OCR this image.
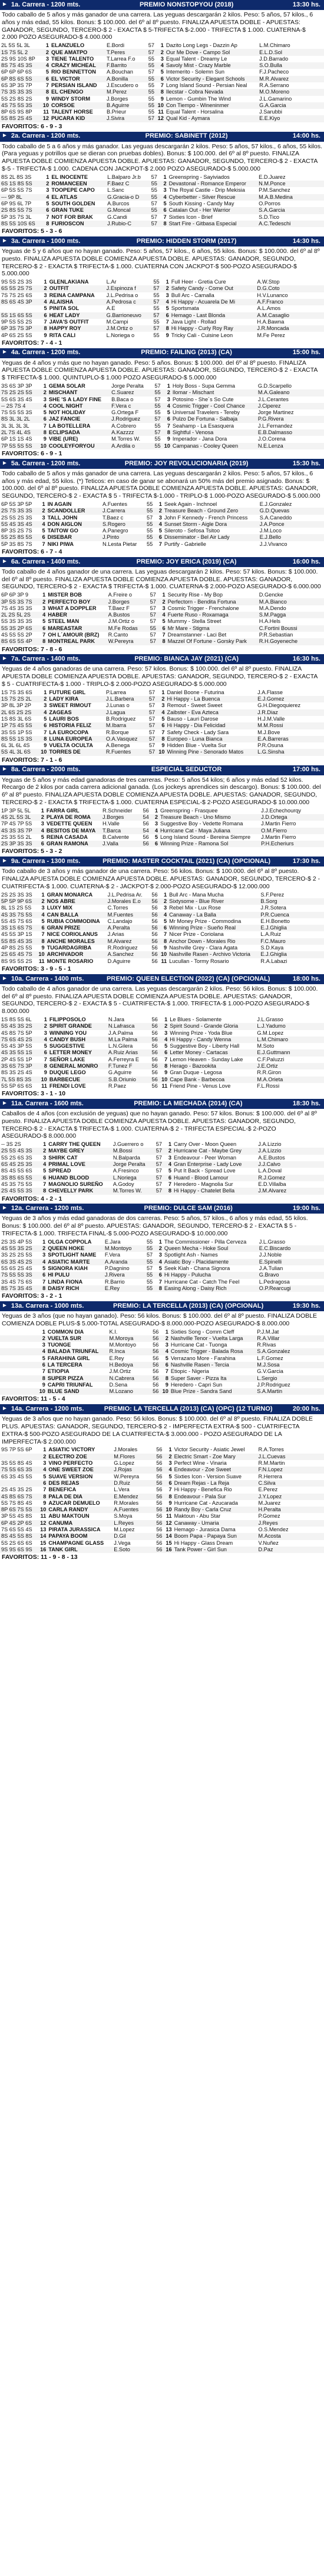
► 1a. Carrera - 1200 mts.	PREMIO NONSTOPYOU (2018)	13:30 hs.
Todo caballo de 5 años y más ganador de una carrera. Las yeguas descargarán 2 kilos. Peso: 5 años, 57 kilos., 6 años y más edad, 55 kilos. Bonus: $ 100.000. del 6º al 8º puesto. FINALIZA APUESTA DOBLE - APUESTAS: GANADOR, SEGUNDO, TERCERO-$ 2 - EXACTA $ 5-TRIFECTA $-2.000 - TRIFECTA $ 1.000. CUATERNA-$ 2.000 POZO ASEGURADO-$ 4.000.000
2L 5S 5L 3L	1	ELANZUELO	E.Bordi	57	1	Dazito Long Legs - Dazzin Ap	L.M.Chimaro
1S 7S 5L 2	2	QUE AMATPO	T.Peres	57	2	Our Me Dove - Campo Sol	E.L.D.Sol
2S 9S 10S 8P	3	TIENE TALENTO	T.Larrea F.o	55	3	Equal Talent - Dreamy Le	J.D.Barrado
8S 7S 4S 3S	4	CRAZY MICHEAL	F.Barrito	55	4	Savoly Mist - Crazy Marble	S.O.Bulla
6P 6P 6P 6S	5	RIO BENNETTON	A.Bouchan	57	5	Intemerito - Solemn Sun	F.J.Pacheco
6P 8S 6S 5S	6	EL VICTOR	A.Bonilla	55	6	Victor Security - Elegant Schools	M.R.Alvarez
6S 3P 3S 7P	7	PERSIAN ISLAND	J.Escudero o	55	7	Long Island Sound - Persian Neal	R.A.Serrano
7S 3S 3S 3S	8	EL CHENGO	M.Perez	55	8	Ilecstar - Cobra Nevada	M.O.Moreno
5S 2S 8S 2S	9	WINDY STORM	J.Borges	55	9	Lemon - Gumbin The Wind	J.L.Gamarino
4S 7S 5S 3S	10	CORSOE	B.Aguirre	55	10	Con Tiempo - Wineninmer	G.A.Garcia
8P 6S 9S 8P	11	TALENT HORSE	B.Prieur	55	11	Equal Talent - Horsalina	J.Sarubbi
5S 8S 2S 4S	12	PUCARA KID	J.Sivira	57	12	Qual Kid - Aymara	E.E.Kiyo
FAVORITOS: 6 - 9 - 3
► 2a. Carrera - 1200 mts.	PREMIO: SABINETT (2012)	14:00 hs.
Todo caballo de 5 a 6 años y más ganador. Las yeguas descargarán 2 kilos. Peso: 5 años, 57 kilos., 6 años, 55 kilos. (Para yeguas y potrillos que se dieran con pruebas dobles). Bonus: $ 100.000. del 6º al 8º puesto. FINALIZA APUESTA DOBLE COMIENZA APUESTA DOBLE. APUESTAS: GANADOR, SEGUNDO, TERCERO-$ 2 - EXACTA $-5 - TRIFECTA-$ 1.000. CADENA CON JACKPOT-$ 2.000 POZO ASEGURADO-$ 5.000.000
8S 2L 8S 3S	1	EL INOCENTE	L.Balparo Jr.b	57	1	Greenspring - Sayiviados	E.D.Juarez
6S 1S 8S 5S	2	ROMANCEEN	F.Baez C	55	2	Devastonal - Romance Emperor	N.M.Ponce
6P 5S 5S 7S	3	TOOPEPE CAPO	L.Sanc	55	3	The Royal Castle - Drip Mekisia	P.M.Sanchez
--- 9P 8L	4	EL ATLAS	G.Gracia-o D	55	4	Cyberbetter - Silver Rescue	M.A.B.Medina
6P 9S 6L 7P	5	SOUTH GOLDEN	A.Burcos	57	5	South Kissing - Candy May	O.Porros
2S 8S 5S 7S	6	GRAN TUKE	G.Moncal	55	6	Catalan Out - Her Warrior	S.A.Garcia
5P 3S 7S 3L	7	NOT FOR BRAK	G.Candi	57	7	Sixties Icon - Brief	S.D.Tico
8S 5S 10S 6S	8	FURIOSCON	J.Rubio-C	57	8	Start Fire - Gitbasa Especial	A.C.Tedeschi
FAVORITOS: 5 - 3 - 6
► 3a. Carrera - 1000 mts.	PREMIO: HIDDEN STORM (2017)	14:30 hs.
Yeguas de 5 y 6 años que no hayan ganado. Peso: 5 años, 57 kilos., 6 años, 55 kilos. Bonus: $ 100.000. del 6º al 8º puesto. FINALIZA APUESTA DOBLE COMIENZA APUESTA DOBLE. APUESTAS: GANADOR, SEGUNDO, TERCERO-$ 2 - EXACTA $ TRIFECTA-$ 1.000. CUATERNA CON JACKPOT-$ 500-POZO ASEGURADO-$ 5.000.000
9S 5S 2S 3S	1	GLENLAKIANA	L.Ar	55	1	Full Heer - Gretia Cure	A.W.Stop
6S 5S 2S 7S	2	OUTFIT	J.Espinoza f	57	2	Safety Candy - Come Out	D.G.Coto
7S 7S 2S 6S	3	REINA CAMPANA	J.L.Pedrisa o	55	3	Bull Arc - Camalla	H.V.Lunanco
8S 6S 4S 3P	4	ALAISHA	A.Pedrosa c	57	4	Hi Happy - Acuarela De Mi	A.F.Franco
	5	PINITA SOL	A.E	55	5	Sportsmata	A.L.Amos
5S 1S 6S 5S	6	HEAT LADY	G.Barrioneuvo	57	6	Hemago - Last Blonda	A.M.Casaglio
9P 5S 5S 2S	7	JAVA'S OUTFIT	M.Campi	55	7	Java Light - Rollad	H.A.Bawna
6P 3S 7S 3P	8	HAPPY ROY	J.M.Ortiz o	57	8	Hi Happy - Curly Roy Ray	J.R.Moncada
4P 6S 2S 5S	9	RITA CALI	L.Noriega o	55	9	Tricky Cali - Cuisine Leon	M.Fe Perez
FAVORITOS: 7 - 4 - 1
► 4a. Carrera - 1200 mts.	PREMIO: FAILING (2013) (CA)	15:00 hs.
Yeguas de 4 años y más que no hayan ganado. Peso: 5 años. Bonus: $ 100.000. del 6º al 8º puesto. FINALIZA APUESTA DOBLE COMIENZA APUESTA DOBLE. APUESTAS: GANADOR, SEGUNDO, TERCERO-$ 2 - EXACTA $ TRIFECTA-$ 1.000. QUINTUPLO-$ 1.000 POZO ASEGURADO-$ 5.000.000
3S 6S 3P 3P	1	GEMA SOLAR	Jorge Peralta	57	1	Holy Boss - Supa Gemma	G.D.Scarpello
7S 2S 2S 5S	2	MISCHANT	C.Suarez	55	2	Ilomar - Mischant	M.A.Galeano
5S 6S 3S 4S	3	SHE 'S A LADY FINE	B.Baca o	57	3	Potosino - She´s So Cute	J.L.Cerantes
-- 2S 7S 4	4	COOL NIGHT	F.Vera c	55	4	Cosmic Trigger - Cool Chance	J.Ciperez
7S 5S 5S 3S	5	NOT HOLIDAY	G.Ortega F	55	5	Universal Travelers - Tereby	Jorge Martinez
8S 3L 3L 2L	6	JAZ FANCIE	J.Rodriguez	57	6	Pulzo De Fortuna - Salbaja	P.G.Rivera
3L 3L 3L 3L	7	LA BOTELLERA	A.Cobrero	55	7	Seahamp - La Esasquera	J.L.Fernandez
2L 7S 4L 4S	8	ECLIPSADA	A.Kazzzz	57	8	Sightful - Venosa	E.B.Dalmasso
6P 1S 1S 4S	9	VIBE (URE)	M.Torres W.	55	9	Imperador - Jana Dora	J.O.Corena
7P 5S 5S 5S	10	COOLEYFORYOU	A.Ardila o	55	10	Campanas - Cooley Queen	N.E.Lenza
FAVORITOS: 6 - 9 - 1
► 5a. Carrera - 1200 mts.	PREMIO: JOY REVOLUCIONARIA (2019)	15:30 hs.
Todo caballo de 5 años y más ganador de una carrera. Las yeguas descargarán 2 kilos. Peso: 5 años, 57 kilos., 6 años y más edad, 55 kilos. (*) Teticos: en caso de ganar se abonará un 50% más del premio asignado. Bonus: $ 100.000. del 6º al 8º puesto. FINALIZA APUESTA DOBLE COMIENZA APUESTA DOBLE. APUESTAS: GANADOR, SEGUNDO, TERCERO-$ 2 - EXACTA $ 5 - TRIFECTA $-1.000 - TRIPLO-$ 1.000-POZO ASEGURADO-$ 5.000.000
6P 5S 3P 5P	1	IN AGAIN	A.Fuentes	55	1	Seek Again - Inchnoel	E.J.Gonzalez
2S 7S 3S 3S	2	SCANDOLLER	J.Carrera	55	2	Treasure Beach - Ground Zero	G.D.Quevas
2S 5S 2S 3S	3	TALL JOHN	T.Baez c	57	3	John F Kennedy - French Princess	S.A.Caneddo
5S 4S 3S 4S	4	DON AIGLON	S.Rogero	55	4	Sunset Storm - Aigle Dora	J.A.Ponce
8P 3S 2S 7S	5	TAITOW GO	A.Panegro	55	5	Sileroto - Sefosa Tsitoo	J.M.Loco
5S 2S 8S 5S	6	DISEBAR	J.Pinto	55	6	Disseminator - Bel Air Lady	E.J.Bello
5P 3S 8S 7S	7	NIKI PIWA	N.Lesta Pietar	55	7	Purtify - Gabrielle	J.J.Vivanco
FAVORITOS: 6 - 7 - 4
► 6a. Carrera - 1400 mts.	PREMIO: JOY ERICA (2019) (CA)	16:00 hs.
Todo caballo de 4 años ganador de una carrera. Las yeguas descargarán 2 kilos. Peso: 57 kilos. Bonus: $ 100.000. del 6º al 8º puesto. FINALIZA APUESTA DOBLE COMIENZA APUESTA DOBLE. APUESTAS: GANADOR, SEGUNDO, TERCERO-$ 2 - EXACTA $ TRIFECTA-$ 1.000. CUATERNA-$ 2.000-POZO ASEGURADO-$ 6.000.000
6P 6P 3P 9	1	MISTER BOB	A.Freire o	57	1	Security Rise - My Bop	D.Gencke
3P 5S 3S 7S	2	PERFECTO BOY	J.Borges	57	2	Perfectorn - Bendita Fortuna	M.A.Bianco
7S 4S 3S 3S	3	WHAT A DOPPLER	T.Baez F	57	3	Cosmic Trigger - Frenchalone	M.A.Dendo
2L 2S 5L 2S	4	HABER	A.Bustos	57	4	Fuerte Ruso - Roxamaga	S.M.Pagga
5S 3S 3S 3S	5	STEEL MAN	J.M.Ortiz o	57	5	Mummy - Stella Street	H.A.Hels
5S 3S 2P 6S	6	MAREASTAR	M.Fe Rodas	55	6	Mr Mare - Stigma	C.Fortini Boussi
4S 5S 5S 2P	7	OH L´AMOUR (BRZ)	R.Canto	57	7	Dreamstanner - Laci Bet	P.R.Sebastian
8S 6S 5S 4P	8	MONTREAL PARK	W.Pereyra	57	8	Mazzel Of Fortune - Gorsky Park	R.H.Goyeneche
FAVORITOS: 7 - 8 - 6
► 7a. Carrera - 1400 mts.	PREMIO: BIANCA JAY (2021) (CA)	16:30 hs.
Yeguas de 4 años ganadoras de una carrera. Peso: 57 kilos. Bonus: $ 100.000. del 6º al 8º puesto. FINALIZA APUESTA DOBLE COMIENZA APUESTA DOBLE. APUESTAS: GANADOR, SEGUNDO, TERCERO-$ 2 - EXACTA $ 5 - CUATRIFECTA-$ 1.000 - TRIPLO-$ 2.000-POZO ASEGURADO-$ 5.000.000
1S 7S 3S 6S	1	FUTURE GIRL	P.Larrea	57	1	Daniel Boone - Futurina	J.A.Flasse
1S 7S 2S 2L	2	LADY KIRA	J.L.Barbera	57	2	Hi Happy - La Buenca	E.J.Gomez
3P 8L 3P 2P	3	SWEET RIMOUT	J.Lunas o	57	3	Remout - Sweet Sweet	G.H.Diegoquierez
2L 6S 2S 2S	4	ZAGEAS	J.Lagua	57	4	Zaibster - Eva Azteca	J.R.Diaz
1S 8S 3L 6S	5	LAURI BOS	B.Rodriguez	57	5	Bauso - Lauri Darose	H.J.M.Valle
1P 7S 4S 5S	6	HISTORIA FELIZ	M.Ibarra	57	6	Hi Happy - Dia Felicidad	M.M.Rossi
3S 5S 1P 5S	7	LA EUROCOPA	R.Borque	57	7	Safety Check - Lady Sara	M.J.Bove
8S 5S 1S 3S	8	LUNA EUROPEA	O.A.Vasquez	57	8	Europeo - Luna Bianca	E.A.Barreras
6L 3L 6L 4S	9	VUELTA OCULTA	A.Benega	57	9	Hidden Blue - Vuelta Sur	P.R.Osuna
5S 4L 3L 6S	10	TORRES DE	R.Fuentes	57	10	Winning Pine - Senorado Matos	L.G.Sinsha
FAVORITOS: 7 - 1 - 6
► 8a. Carrera - 2000 mts.	ESPECIAL SEDUCTOR	17:00 hs.
Yeguas de 5 años y más edad ganadoras de tres carreras. Peso: 5 años 54 kilos; 6 años y más edad 52 kilos. Recargo de 2 kilos por cada carrera adicional ganada. (Los jockeys aprendices sin descargo). Bonus: $ 100.000. del 6º al 8º puesto. FINALIZA APUESTA DOBLE COMIENZA APUESTA DOBLE. APUESTAS: GANADOR, SEGUNDO, TERCERO-$ 2 - EXACTA $ TRIFECTA-$ 1.000. CUATERNA ESPECIAL-$ 2-POZO ASEGURADO-$ 10.000.000
1P 3P 5L 5L	1	FARRA GIRL	R.Schneider	56	1	Greenspring - Frasquee	J.J.Echechourqy
4S 2L 5S 3L	2	PLAYA DE ROMA	J.Borges	54	2	Treasure Beach - Uno Mismo	J.D.Ortega
7P 4S 7P 5S	3	VEDETTE QUEEN	H.Valle	56	3	Suggestive Boy - Vedette Romana	J.Martin Fierro
4S 3S 3S 7P	4	BESITOS DE MAYA	T.Barca	54	4	Hurricane Cat - Maya Juliana	O.M.Fierro
2S 3S 5S 2L	5	REINA CASADA	B.Calvente	56	5	Long Island Sound - Bereina Siempre	J.Martin Fierro
2S 3P 3S 3S	6	GRAN RAMONA	J.Valla	56	6	Winning Prize - Ramona Sol	P.H.Echeriurs
FAVORITOS: 5 - 3 - 2
► 9a. Carrera - 1300 mts.	PREMIO: MASTER COCKTAIL (2021) (CA) (OPCIONAL)	17:30 hs.
Todo caballo de 3 años y más ganador de una carrera. Peso: 56 kilos. Bonus: $ 100.000. del 6º al 8º puesto. FINALIZA APUESTA DOBLE COMIENZA APUESTA DOBLE. APUESTAS: GANADOR, SEGUNDO, TERCERO-$ 2 - CUATRIFECTA-$ 1.000. CUATERNA-$ 2 - JACKPOT-$ 2.000-POZO ASEGURADO-$ 12.000.000
2S 2S 3S 3S	1	GRAN MONARCA	J.L.Pedrisa Ar.	56	1	Bull Arc - Mana Mucha	S.F.Perez
5P 5P 9P 6S	2	NOS ABRE	J.Morales E.o	56	2	Sixtysome - Blue River	B.Sorg
8L 1S 2S 5S	3	LUXY MIX	C.Torres	56	3	Rebel Mix - Lux Rose	J.R.Sotera
4S 3S 7S 5S	4	CAN BALLA	M.Fuentes	56	4	Canaway - La Balla	P.R.Cuenca
5S 4S 7S 6S	5	RUBIA COMMODINA	C.Landajo	56	5	Mr Money Prize - Commodina	E.H.Bonetto
3S 1S 6S 7S	6	GRAN PRIZE	A.Peralta	56	6	Winning Prize - Sueño Real	E.J.Ghiglia
4S 5S 3P 1S	7	NICE CORIOLANUS	J.Arias	56	7	Nicer Prize - Coriolana	L.A.Ruiz
5S 8S 4S 3S	8	ANCHE MORALES	M.Alvarez	56	8	Anchor Down - Morales Rio	F.C.Mauro
4P 8S 2S 5S	9	TUGARDAGRIBA	R.Rodriguez	56	9	Nashville Grey - Clara Agata	S.D.Kaya
2S 6S 4S 7S	10	ARCHIVADOR	A.Sanchez	56	10	Nashville Rasen - Archivo Victoria	E.J.Ghiglia
8S 9S 5S 2S	11	MONTE ROSARIO	D.Aguirre	56	11	Lucullan - Tormy Rosario	R.A.Labazi
FAVORITOS: 3 - 9 - 5 - 1
► 10a. Carrera - 1400 mts.	PREMIO: QUEEN ELECTION (2022) (CA) (OPCIONAL)	18:00 hs.
Todo caballo de 4 años ganador de una carrera. Las yeguas descargarán 2 kilos. Peso: 56 kilos. Bonus: $ 100.000. del 6º al 8º puesto. FINALIZA APUESTA DOBLE COMIENZA APUESTA DOBLE. APUESTAS: GANADOR, SEGUNDO, TERCERO-$ 2 - EXACTA $ 5 - CUATRIFECTA-$ 1.000. TRIFECTA-$ 1.000-POZO ASEGURADO-$ 8.000.000
1S 8S 5S 6L	1	FILIPPOSOLO	N.Jara	56	1	Le Blues - Solamente	J.L.Grasso
5S 4S 3S 2S	2	SPIRIT GRANDE	N.Lafrasca	56	2	Spirit Sound - Grande Gloria	L.J.Yadumo
4S 8S 7S 5P	3	WINNING YOU	J.A.Palma	56	3	Winning Prize - Yoda Blue	G.M.Lopez
7S 6S 4S 2S	4	CANDY BUSH	M.La Palma	56	4	Hi Happy - Candy Wenna	L.M.Chimaro
5S 4S 3P 5S	5	SUGGESTIVE	L.N.Gilera	56	5	Suggestive Boy - Liberty Hall	M.Soto
4S 3S 5S 1S	6	LETTER MONEY	A.Ruiz Arias	56	6	Letter Money - Cartacas	E.J.Guttmann
2P 4S 5S 1P	7	SEÑOR LAKE	A.Ferreyra E	56	7	Lemon Heaven - Sunday Lake	C.F.Paluzzi
3S 6S 7S 3P	8	GENERAL MONRO	F.Tunez F	56	8	Herago - Bazookita	J.E.Ortiz
8S 3S 2S 4S	9	DUQUE LEGO	G.Aguirre	56	9	Gran Duque - Legosa	R.R.Giron
7L 5S 8S 3S	10	BARBECUE	S.B.Oriunio	56	10	Cape Bank - Barbecoa	M.A.Orieta
5S 5P 6S 6S	11	FRENDI LOVE	R.Paez	56	11	Friend Pine - Venus Love	F.L.Rossi
FAVORITOS: 3 - 1 - 10
► 11a. Carrera - 1600 mts.	PREMIO: LA MECHADA (2014) (CA)	18:30 hs.
Caballos de 4 años (con exclusión de yeguas) que no hayan ganado. Peso: 57 kilos. Bonus: $ 100.000. del 6º al 8º puesto. FINALIZA APUESTA DOBLE COMIENZA APUESTA DOBLE. APUESTAS: GANADOR, SEGUNDO, TERCERO-$ 2 - EXACTA $ TRIFECTA-$ 1.000. CUATERNA-$ 2 - TRIFECTA ESPECIAL-$ 2-POZO ASEGURADO-$ 8.000.000
-- 3S 2S	1	CARRY THE QUEEN	J.Guerrero o	57	1	Carry Over - Moon Queen	J.A.Lizzio
2S 5S 4S 3S	2	MAYBE GREY	M.Bossi	57	2	Hurricane Cat - Maybe Grey	J.A.Lizzio
5S 2S 6S 3S	3	SHIRK CAT	N.Balparda	57	3	Endeavour - Peer Woman	A.E.Bustos
6S 4S 2S 3S	4	PRIMAL LOVE	Jorge Peralta	57	4	Gran Enterprise - Lady Love	J.J.Calvo
8S 4S 5S 6S	5	SPREAD	A.Fresinco	57	5	Put It Back - Spread Love	L.A.Doval
3S 8S 6S 5S	6	HUAND BLOOD	L.Noriega	57	6	Huand - Blood Lamour	R.J.Gomez
4S 3S 7S 5S	7	MAGNOLIO SUREÑO	A.Godoy	57	7	Heredero - Magnolia Sur	E.D.Villalba
2S 4S 5S 3S	8	CHEVELLY PARK	M.Torres W.	57	8	Hi Happy - Chatelet Bella	J.M.Alvarez
FAVORITOS: 4 - 2 - 1
► 12a. Carrera - 1200 mts.	PREMIO: DULCE SAM (2016)	19:00 hs.
Yeguas de 3 años y más edad ganadoras de dos carreras. Peso: 5 años, 57 kilos., 6 años y más edad, 55 kilos. Bonus: $ 100.000. del 6º al 8º puesto. APUESTAS: GANADOR, SEGUNDO, TERCERO-$ 2 - EXACTA $ 5 - TRIFECTA-$ 1.000. TRIFECTA FINAL-$ 5.000-POZO ASEGURADO-$ 10.000.000
2S 3S 4P 5S	1	OLGA COPPOLA	E.Jara	55	1	The Commissioner - Pilla Cerveza	J.L.Grasso
4S 5S 3S 2S	2	QUEEN HOKE	M.Montoyo	55	2	Queen Mecha - Hoke Soul	E.C.Biscardo
3S 2S 2S 5S	3	SPOTLIGHT NAME	F.Vera	57	3	Spotlight Ash - Names	J.J.Noble
6S 3S 4S 2S	4	ASIATIC MARTE	A.Aranda	55	4	Asiatic Boy - Placidamente	E.Spinelli
5S 6S 2S 4S	5	SIGNORA KIAH	P.Dagnino	57	5	Seek Kiah - Chana Signora	J.A.Tulian
7S 5S 5S 3S	6	HI PULU	J.Rivera	55	6	Hi Happy - Pulucha	G.Bravo
3S 4S 7S 6S	7	LINDA FIONA	R.Barrio	55	7	Hurricane Cat - Catch The Feel	L.Pedragosa
8S 7S 3S 4S	8	DAISY RICH	E.Rey	55	8	Easing Along - Daisy Rich	O.P.Rearcugi
FAVORITOS: 3 - 2 - 1
► 13a. Carrera - 1000 mts.	PREMIO: LA TERCELLA (2013) (CA) (OPCIONAL)	19:30 hs.
Yeguas de 3 años (que no hayan ganado). Peso: 56 kilos. Bonus: $ 100.000. del 6º al 8º puesto. FINALIZA DOBLE COMIENZA DOBLE PLUS-$ 5.000-TOTAL ASEGURADO-$ 8.000.000-POZO ASEGURADO-$ 8.000.000
	1	COMMON DIA	K.I.	56	1	Sixties Song - Comm Cleff	P.J.M.Jat
	2	VUELTA SUR	M.Moroya	56	2	Nashville Tenor - Vuelta Larga	R.A.Villar
	3	TUONGE	M.Montoyo	56	3	Hurricane Cat - Tuonga	R.Rivas
	4	BALADA TRIUNFAL	R.Inca	56	4	Cosmic Trigger - Balada Rosa	S.A.Gonzalez
	5	FARAHINA GIRL	E.Rey	56	5	Verrazano More - Farahina	L.F.Gomez
	6	LA TERCERA	H.Bedoya	56	6	Nashville Rasen - Tercia	M.J.Sosa
	7	ETIOPIA	J.M.Ortiz	56	7	Etiopic - Nigeria	G.V.Garcia
	8	SUPER PIZZA	N.Cabrera	56	8	Super Saver - Pizza Ita	L.Sergio
	9	CAPRI TRIUNFAL	D.Sena	56	9	Heredero - Capri Sun	J.P.Rodriguez
	10	BLUE SAND	M.Lozano	56	10	Blue Prize - Sandra Sand	S.A.Martin
FAVORITOS: 11 - 5 - 4
► 14a. Carrera - 1200 mts.	PREMIO: LA TERCELLA (2013) (CA) (OPC) (12 TURNO)	20:00 hs.
Yeguas de 3 años que no hayan ganado. Peso: 56 kilos. Bonus: $ 100.000. del 6º al 8º puesto. FINALIZA DOBLE PLUS. APUESTAS: GANADOR, SEGUNDO, TERCERO-$ 2 - IMPERFECTA EXTRA-$ 500 - CUATRIFECTA EXTRA-$ 500-POZO ASEGURADO DE LA CUATRIFECTA-$ 3.000.000 - POZO ASEGURADO DE LA IMPERFECTA-$ 2.000.000
9S 7P 5S 6P	1	ASIATIC VICTORY	J.Morales	56	1	Victor Security - Asiatic Jewel	R.A.Torres
	2	ELECTRO ZOE	M.Flores	56	2	Electric Smart - Zoe Mary	J.L.Cuevas
3S 5S 8S 4S	3	VINO PERFECTO	G.Lopez	56	3	Perfect Wine - Vinaria	R.M.Martin
7S 5S 6S 3S	4	ONE SWEET ZOE	J.Rojas	56	4	Endeavour - Zoe Sweet	F.N.Lopez
6S 3S 4S 5S	5	SUAVE VERSION	W.Pereyra	56	5	Sixties Icon - Version Suave	R.Herrera
	6	DES REJAS	D.Ruiz	56	6	Dream Rejas - La Reja	C.Silva
2S 4S 3S 2S	7	BENEFICA	L.Vera	56	7	Hi Happy - Benefica Rio	E.Perez
4S 8S 6S 7S	8	PALA DE DIA	E.Mendez	56	8	Endeavour - Pala Sur	J.Y.Lopez
5S 7S 8S 4S	9	AZUCAR DEMUELO	R.Morales	56	9	Hurricane Cat - Azucarada	M.Juarez
8P 6S 7S 5S	10	CARLA RANDY	A.Fuentes	56	10	Randy Boy - Carla Cruz	H.Peralta
3P 5S 4S 8S	11	ABU MAKTOUN	S.Moya	56	11	Maktoun - Abu Star	P.Gomez
6P 4S 2P 6S	12	CANUMA	L.Reyes	56	12	Canaway - Umaria	J.Reyes
7S 6S 5S 4S	13	PIRATA JURASSICA	M.Lopez	56	13	Hemago - Jurasica Dama	O.S.Mendez
8S 4S 5S 8S	14	PAPAYA BOOM	D.Gil	56	14	Boom Papa - Papaya Sun	M.Acosta
5S 2S 6S 6S	15	CHAMPAGNE GLASS	J.Vega	56	15	Hi Happy - Glass Dream	V.Nuñez
9S 9S 6S 9S	16	TANK GIRL	E.Soto	56	16	Tank Power - Girl Sun	D.Paz
FAVORITOS: 11 - 9 - 8 - 13
